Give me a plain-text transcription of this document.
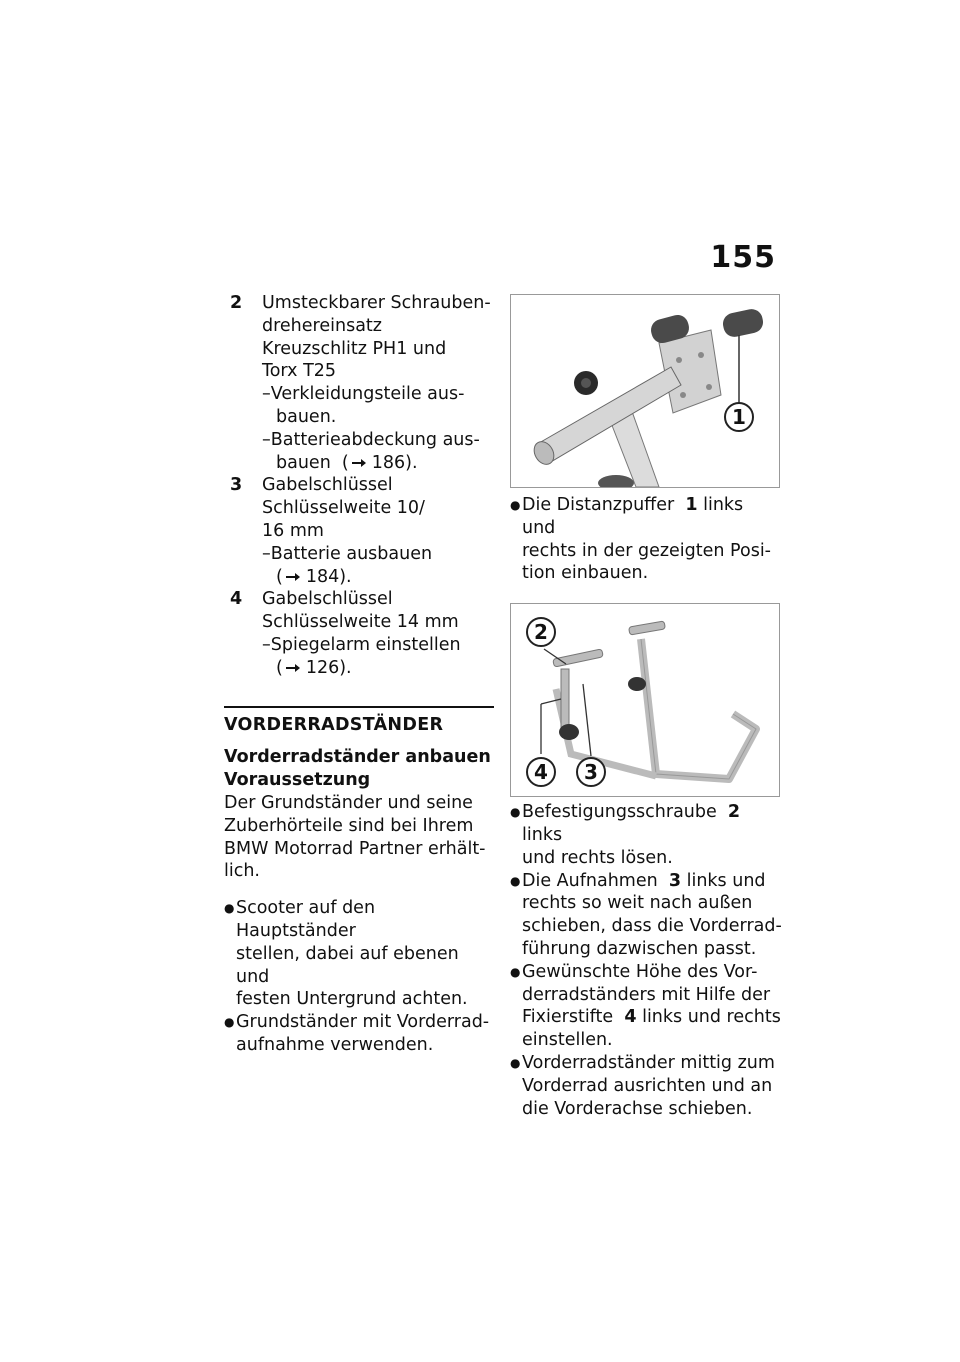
155
2	Umsteckbarer Schrauben-
drehereinsatz
Kreuzschlitz PH1 und
Torx T25
–Verkleidungsteile aus-
bauen.
–Batterieabdeckung aus-
bauen  ( 186).
3	Gabelschlüssel
Schlüsselweite 10/
16 mm
–Batterie ausbauen
( 184).
4	Gabelschlüssel
Schlüsselweite 14 mm
–Spiegelarm einstellen
( 126).
VORDERRADSTÄNDER
Vorderradständer anbauen
Voraussetzung
Der Grundständer und seine
Zuberhörteile sind bei Ihrem
BMW Motorrad Partner erhält-
lich.
● Scooter auf den Hauptständer
stellen, dabei auf ebenen und
festen Untergrund achten.
● Grundständer mit Vorderrad-
aufnahme verwenden.
1
● Die Distanzpuffer 1 links und
rechts in der gezeigten Posi-
tion einbauen.
2
4 3
● Befestigungsschraube 2 links
und rechts lösen.
● Die Aufnahmen 3 links und
rechts so weit nach außen
schieben, dass die Vorderrad-
führung dazwischen passt.
● Gewünschte Höhe des Vor-
derradständers mit Hilfe der
Fixierstifte 4 links und rechts
einstellen.
● Vorderradständer mittig zum
Vorderrad ausrichten und an
die Vorderachse schieben.
